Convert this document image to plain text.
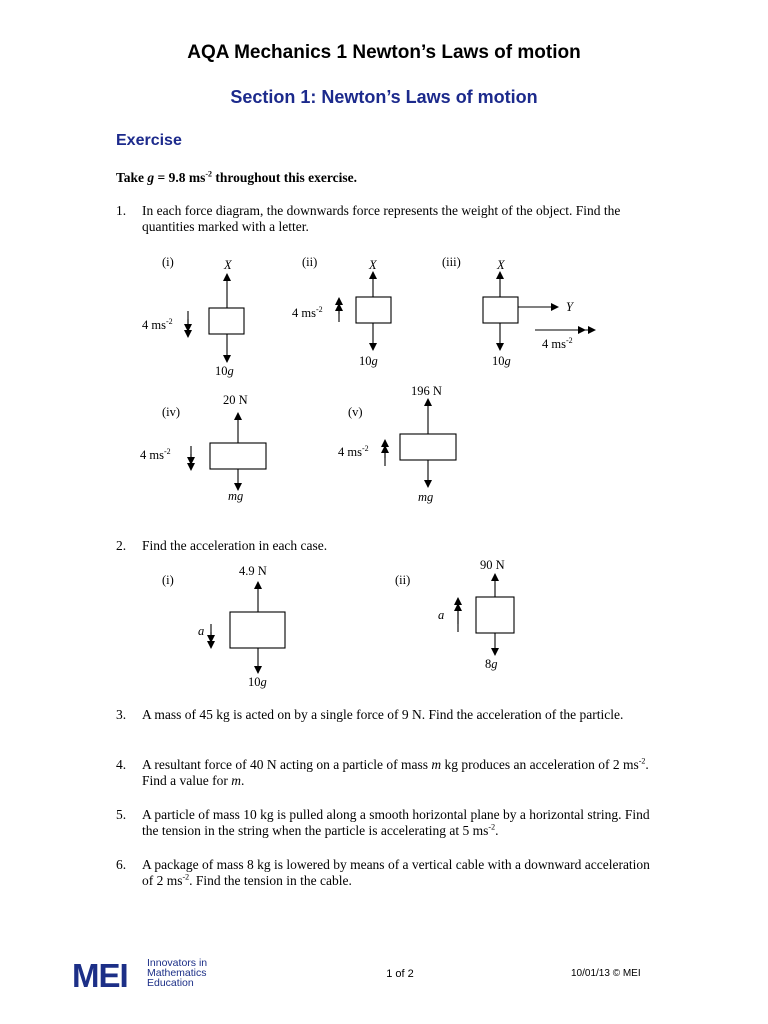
AQA Mechanics 1 Newton’s Laws of motion
Section 1: Newton’s Laws of motion
Exercise
Take g = 9.8 $ms^{-2}$ throughout this exercise.
1. In each force diagram, the downwards force represents the weight of the object. Find the quantities marked with a letter.
(i)	X
4 $ms^{-2}$
10g
(ii)	X
4 $ms^{-2}$
10g
(iii)	X
Y
4 $ms^{-2}$
10g
(iv)
20 N
4 $ms^{-2}$
mg
(v)
196 N
4 $ms^{-2}$
mg
2. Find the acceleration in each case.
(i)
4.9 N
a
10g
(ii)
90 N
a
8g
3. A mass of 45 kg is acted on by a single force of 9 N. Find the acceleration of the particle.
4. A resultant force of 40 N acting on a particle of mass m kg produces an acceleration of 2 $ms^{-2}$. Find a value for m.
5. A particle of mass 10 kg is pulled along a smooth horizontal plane by a horizontal string. Find the tension in the string when the particle is accelerating at 5 $ms^{-2}$.
6. A package of mass 8 kg is lowered by means of a vertical cable with a downward acceleration of 2 $ms^{-2}$. Find the tension in the cable.
MEI Innovators in
Mathematics
Education
1 of 2	10/01/13 © MEI
